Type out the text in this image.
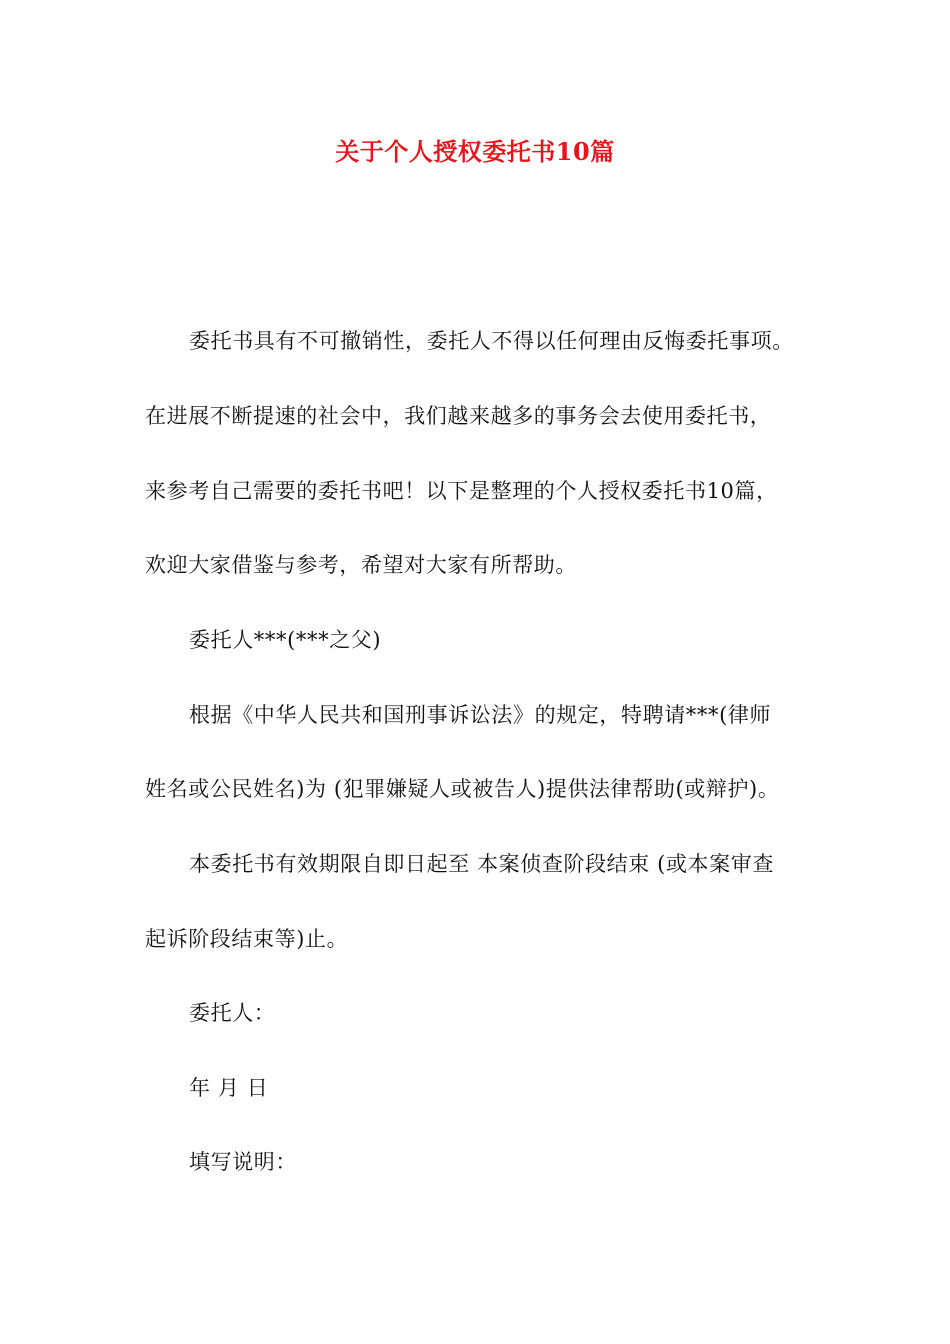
关于个人授权委托书10篇
委托书具有不可撤销性，委托人不得以任何理由反悔委托事项。
在进展不断提速的社会中，我们越来越多的事务会去使用委托书，
来参考自己需要的委托书吧！以下是整理的个人授权委托书10篇，
欢迎大家借鉴与参考，希望对大家有所帮助。
委托人***(***之父)
根据《中华人民共和国刑事诉讼法》的规定，特聘请***(律师
姓名或公民姓名)为 (犯罪嫌疑人或被告人)提供法律帮助(或辩护)。
本委托书有效期限自即日起至 本案侦查阶段结束 (或本案审查
起诉阶段结束等)止。
委托人：
年 月 日
填写说明：
